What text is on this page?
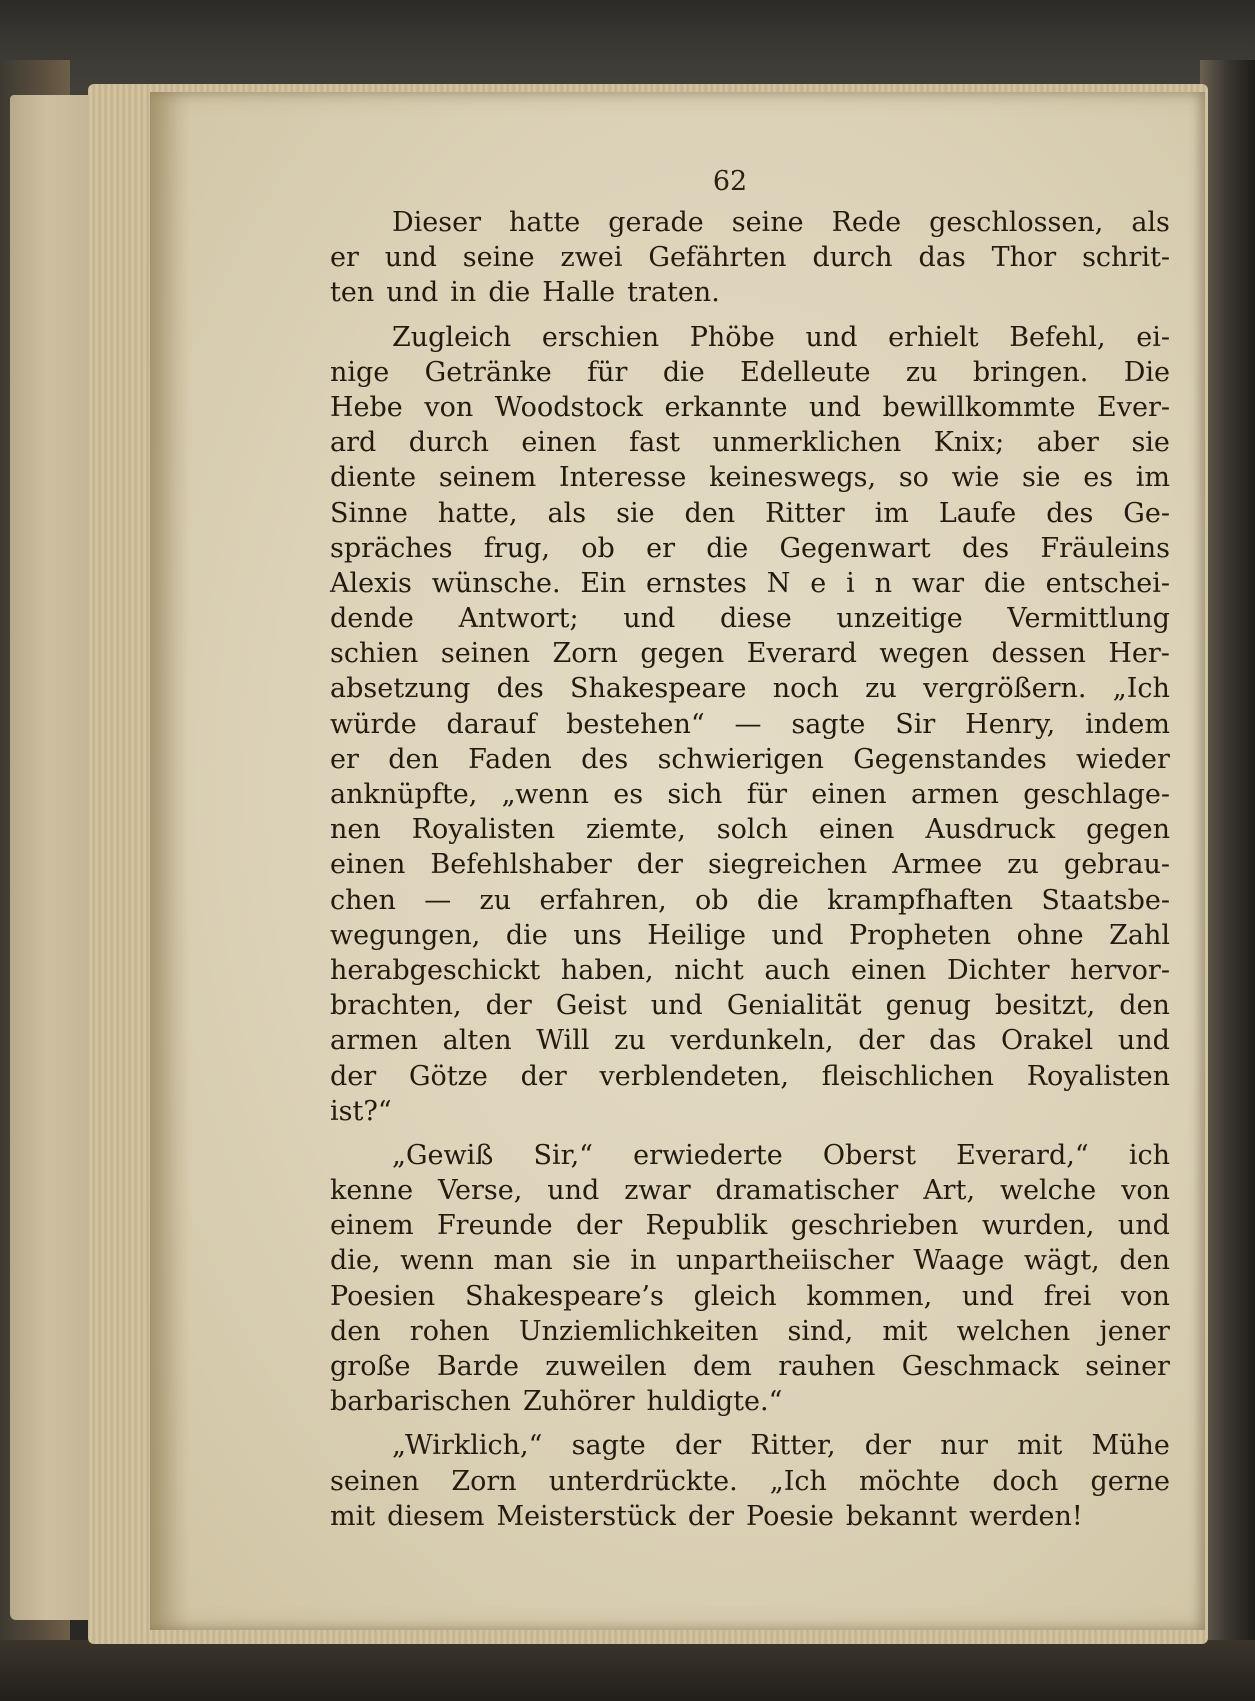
62
Dieser hatte gerade seine Rede geschlossen, als
er und seine zwei Gefährten durch das Thor schrit-
ten und in die Halle traten.
Zugleich erschien Phöbe und erhielt Befehl, ei-
nige Getränke für die Edelleute zu bringen. Die
Hebe von Woodstock erkannte und bewillkommte Ever-
ard durch einen fast unmerklichen Knix; aber sie
diente seinem Interesse keineswegs, so wie sie es im
Sinne hatte, als sie den Ritter im Laufe des Ge-
spräches frug, ob er die Gegenwart des Fräuleins
Alexis wünsche. Ein ernstes N e i n war die entschei-
dende Antwort; und diese unzeitige Vermittlung
schien seinen Zorn gegen Everard wegen dessen Her-
absetzung des Shakespeare noch zu vergrößern. „Ich
würde darauf bestehen“ — sagte Sir Henry, indem
er den Faden des schwierigen Gegenstandes wieder
anknüpfte, „wenn es sich für einen armen geschlage-
nen Royalisten ziemte, solch einen Ausdruck gegen
einen Befehlshaber der siegreichen Armee zu gebrau-
chen — zu erfahren, ob die krampfhaften Staatsbe-
wegungen, die uns Heilige und Propheten ohne Zahl
herabgeschickt haben, nicht auch einen Dichter hervor-
brachten, der Geist und Genialität genug besitzt, den
armen alten Will zu verdunkeln, der das Orakel und
der Götze der verblendeten, fleischlichen Royalisten
ist?“
„Gewiß Sir,“ erwiederte Oberst Everard,“ ich
kenne Verse, und zwar dramatischer Art, welche von
einem Freunde der Republik geschrieben wurden, und
die, wenn man sie in unpartheiischer Waage wägt, den
Poesien Shakespeare’s gleich kommen, und frei von
den rohen Unziemlichkeiten sind, mit welchen jener
große Barde zuweilen dem rauhen Geschmack seiner
barbarischen Zuhörer huldigte.“
„Wirklich,“ sagte der Ritter, der nur mit Mühe
seinen Zorn unterdrückte. „Ich möchte doch gerne
mit diesem Meisterstück der Poesie bekannt werden!
